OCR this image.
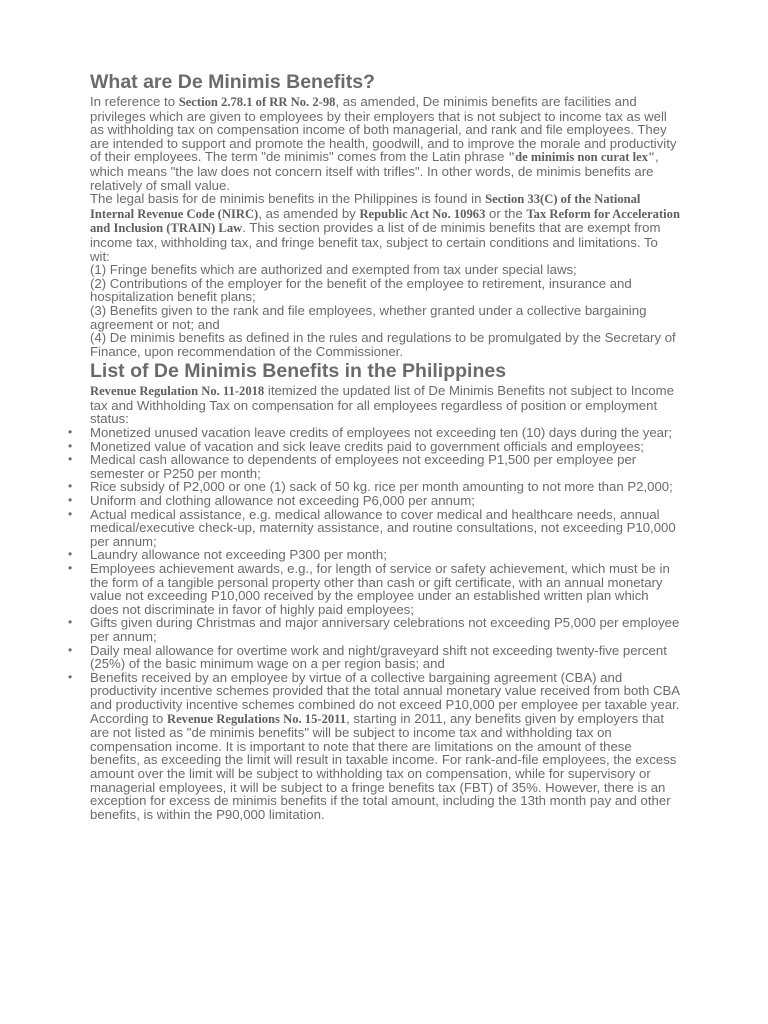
What are De Minimis Benefits?

In reference to Section 2.78.1 of RR No. 2-98, as amended, De minimis benefits are facilities and privileges which are given to employees by their employers that is not subject to income tax as well as withholding tax on compensation income of both managerial, and rank and file employees. They are intended to support and promote the health, goodwill, and to improve the morale and productivity of their employees. The term "de minimis" comes from the Latin phrase "de minimis non curat lex", which means "the law does not concern itself with trifles". In other words, de minimis benefits are relatively of small value.

The legal basis for de minimis benefits in the Philippines is found in Section 33(C) of the National Internal Revenue Code (NIRC), as amended by Republic Act No. 10963 or the Tax Reform for Acceleration and Inclusion (TRAIN) Law. This section provides a list of de minimis benefits that are exempt from income tax, withholding tax, and fringe benefit tax, subject to certain conditions and limitations. To wit:

(1) Fringe benefits which are authorized and exempted from tax under special laws;

(2) Contributions of the employer for the benefit of the employee to retirement, insurance and hospitalization benefit plans;

(3) Benefits given to the rank and file employees, whether granted under a collective bargaining agreement or not; and

(4) De minimis benefits as defined in the rules and regulations to be promulgated by the Secretary of Finance, upon recommendation of the Commissioner.

List of De Minimis Benefits in the Philippines

Revenue Regulation No. 11-2018 itemized the updated list of De Minimis Benefits not subject to Income tax and Withholding Tax on compensation for all employees regardless of position or employment status:

• Monetized unused vacation leave credits of employees not exceeding ten (10) days during the year;
• Monetized value of vacation and sick leave credits paid to government officials and employees;
• Medical cash allowance to dependents of employees not exceeding P1,500 per employee per semester or P250 per month;
• Rice subsidy of P2,000 or one (1) sack of 50 kg. rice per month amounting to not more than P2,000;
• Uniform and clothing allowance not exceeding P6,000 per annum;
• Actual medical assistance, e.g. medical allowance to cover medical and healthcare needs, annual medical/executive check-up, maternity assistance, and routine consultations, not exceeding P10,000 per annum;
• Laundry allowance not exceeding P300 per month;
• Employees achievement awards, e.g., for length of service or safety achievement, which must be in the form of a tangible personal property other than cash or gift certificate, with an annual monetary value not exceeding P10,000 received by the employee under an established written plan which does not discriminate in favor of highly paid employees;
• Gifts given during Christmas and major anniversary celebrations not exceeding P5,000 per employee per annum;
• Daily meal allowance for overtime work and night/graveyard shift not exceeding twenty-five percent (25%) of the basic minimum wage on a per region basis; and
• Benefits received by an employee by virtue of a collective bargaining agreement (CBA) and productivity incentive schemes provided that the total annual monetary value received from both CBA and productivity incentive schemes combined do not exceed P10,000 per employee per taxable year.

According to Revenue Regulations No. 15-2011, starting in 2011, any benefits given by employers that are not listed as "de minimis benefits" will be subject to income tax and withholding tax on compensation income. It is important to note that there are limitations on the amount of these benefits, as exceeding the limit will result in taxable income. For rank-and-file employees, the excess amount over the limit will be subject to withholding tax on compensation, while for supervisory or managerial employees, it will be subject to a fringe benefits tax (FBT) of 35%. However, there is an exception for excess de minimis benefits if the total amount, including the 13th month pay and other benefits, is within the P90,000 limitation.
